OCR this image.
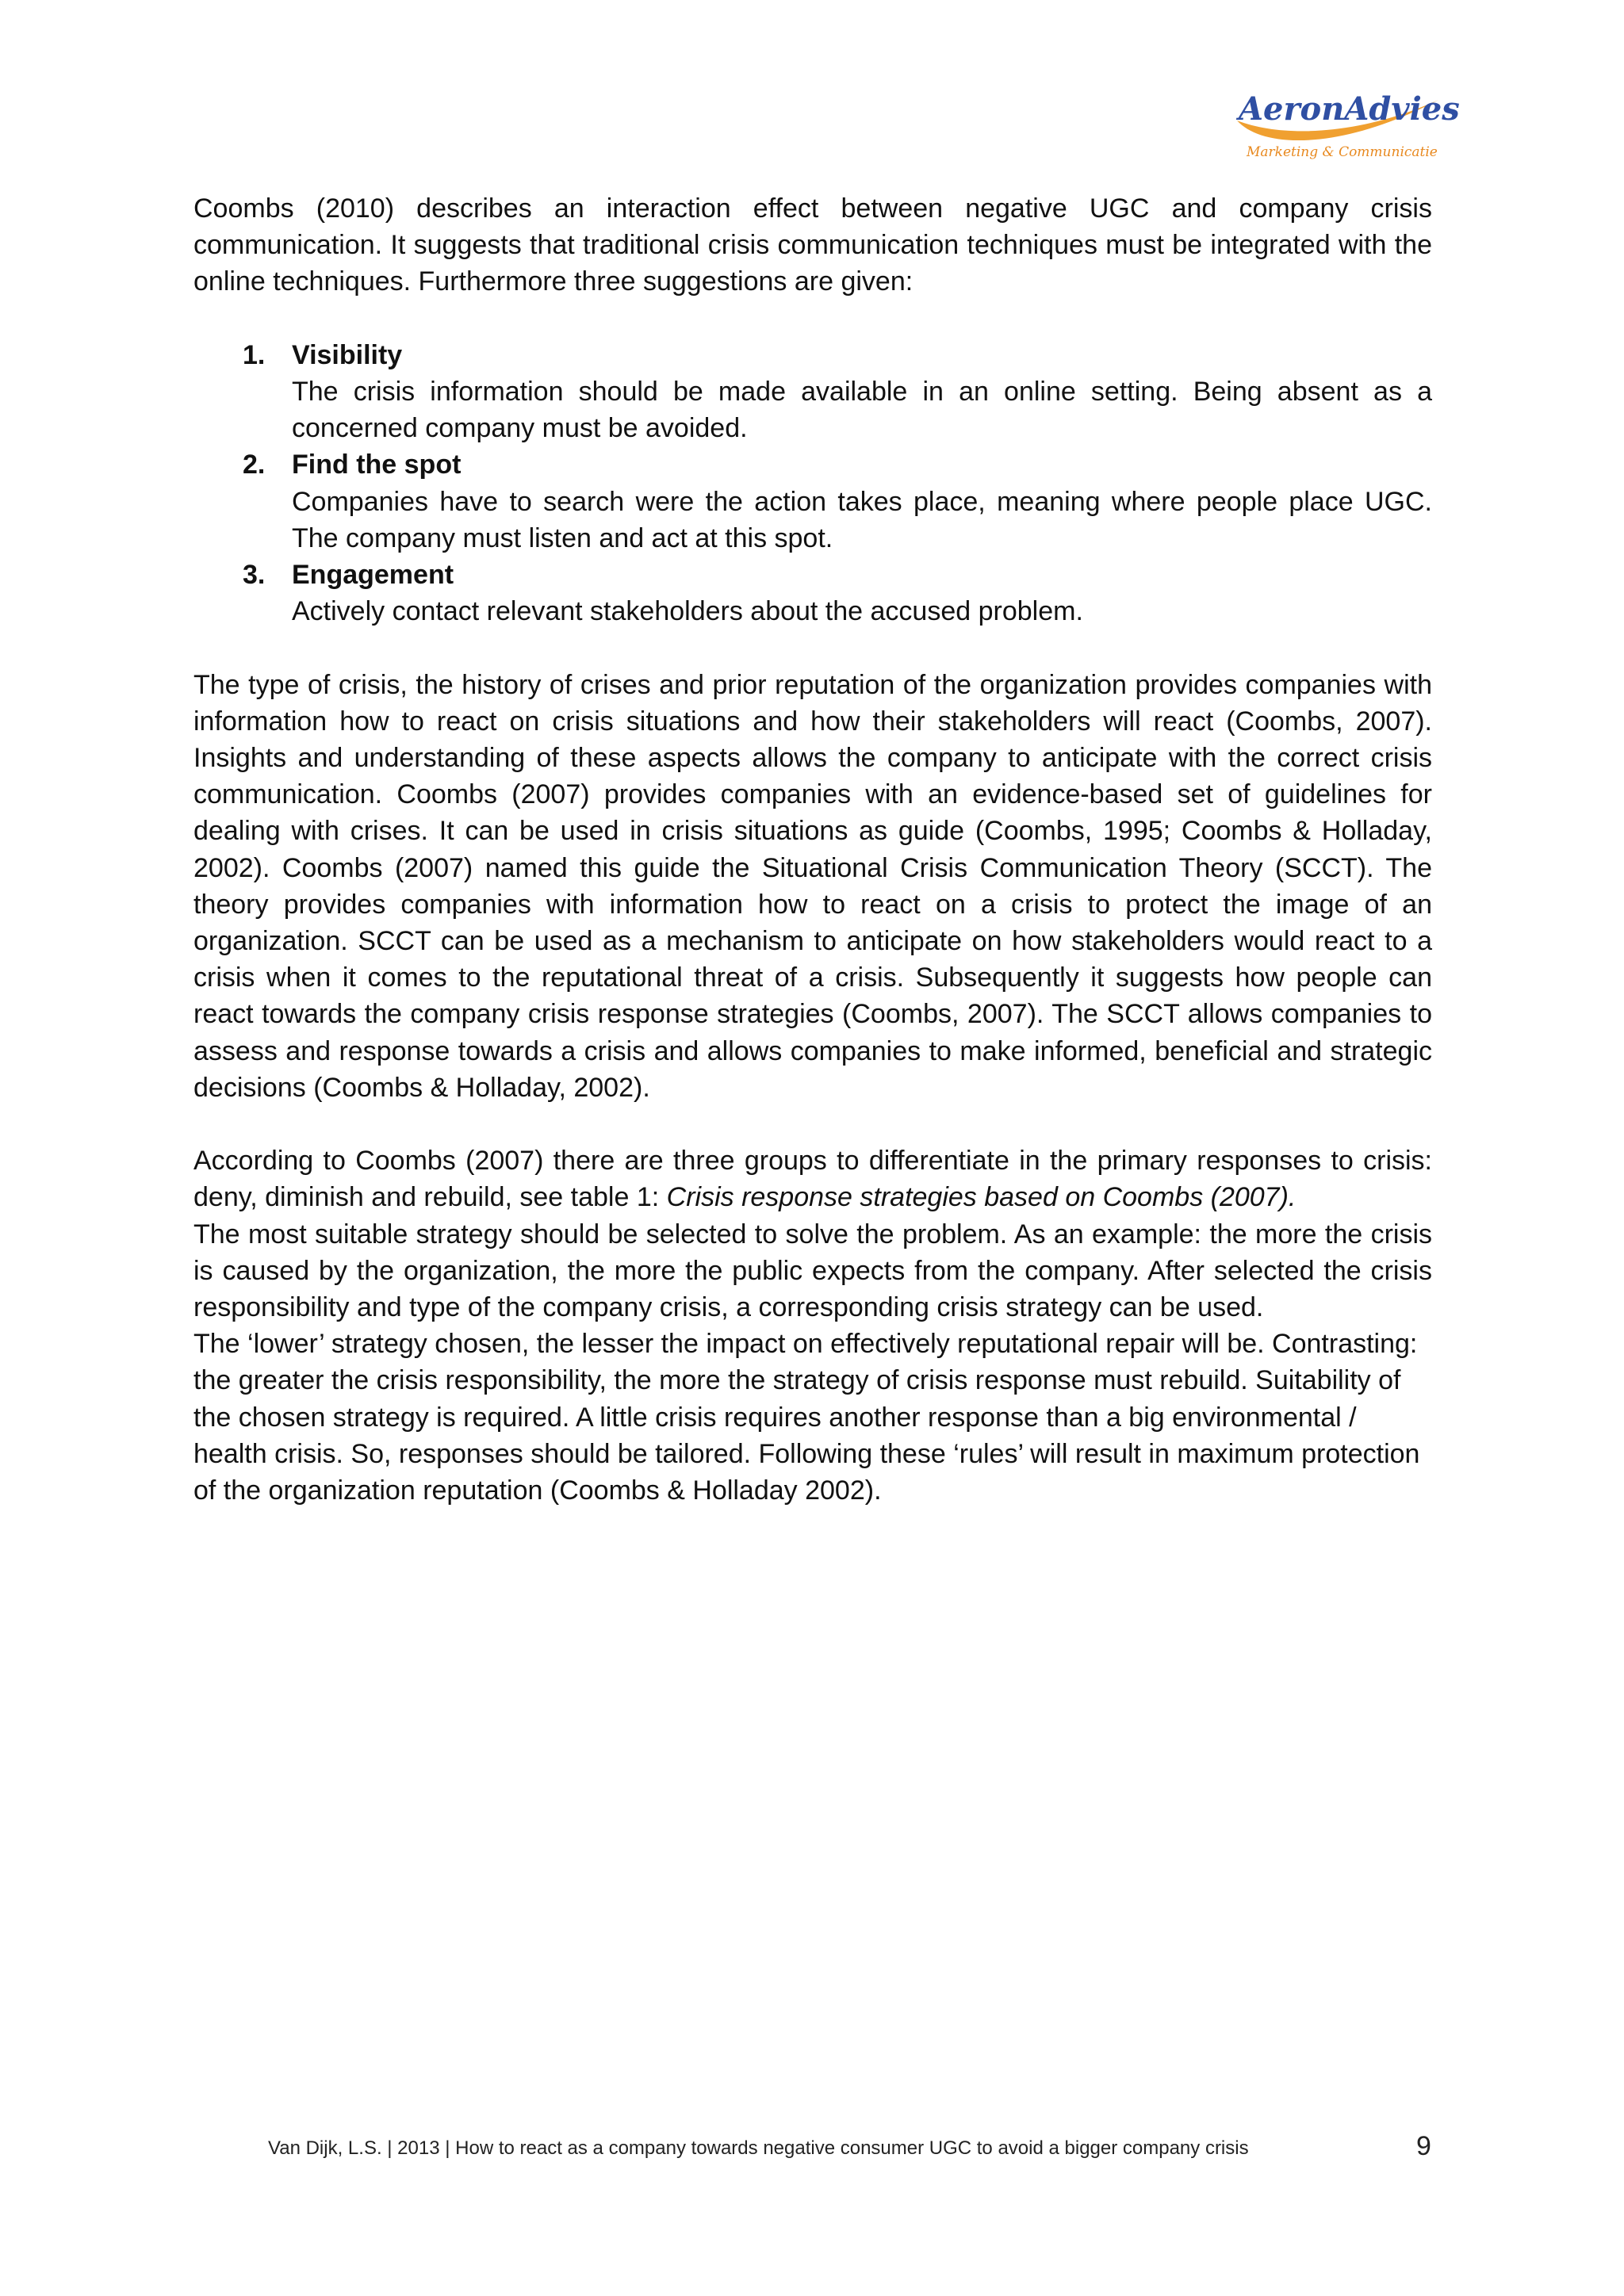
AeronAdvies
Marketing & Communicatie

Coombs (2010) describes an interaction effect between negative UGC and company crisis communication. It suggests that traditional crisis communication techniques must be integrated with the online techniques. Furthermore three suggestions are given:

1. Visibility
The crisis information should be made available in an online setting. Being absent as a concerned company must be avoided.
2. Find the spot
Companies have to search were the action takes place, meaning where people place UGC. The company must listen and act at this spot.
3. Engagement
Actively contact relevant stakeholders about the accused problem.

The type of crisis, the history of crises and prior reputation of the organization provides companies with information how to react on crisis situations and how their stakeholders will react (Coombs, 2007). Insights and understanding of these aspects allows the company to anticipate with the correct crisis communication. Coombs (2007) provides companies with an evidence-based set of guidelines for dealing with crises. It can be used in crisis situations as guide (Coombs, 1995; Coombs & Holladay, 2002). Coombs (2007) named this guide the Situational Crisis Communication Theory (SCCT). The theory provides companies with information how to react on a crisis to protect the image of an organization. SCCT can be used as a mechanism to anticipate on how stakeholders would react to a crisis when it comes to the reputational threat of a crisis. Subsequently it suggests how people can react towards the company crisis response strategies (Coombs, 2007). The SCCT allows companies to assess and response towards a crisis and allows companies to make informed, beneficial and strategic decisions (Coombs & Holladay, 2002).

According to Coombs (2007) there are three groups to differentiate in the primary responses to crisis: deny, diminish and rebuild, see table 1: Crisis response strategies based on Coombs (2007).

The most suitable strategy should be selected to solve the problem. As an example: the more the crisis is caused by the organization, the more the public expects from the company. After selected the crisis responsibility and type of the company crisis, a corresponding crisis strategy can be used.

The ‘lower’ strategy chosen, the lesser the impact on effectively reputational repair will be. Contrasting: the greater the crisis responsibility, the more the strategy of crisis response must rebuild. Suitability of the chosen strategy is required. A little crisis requires another response than a big environmental / health crisis. So, responses should be tailored. Following these ‘rules’ will result in maximum protection of the organization reputation (Coombs & Holladay 2002).

Van Dijk, L.S. | 2013 | How to react as a company towards negative consumer UGC to avoid a bigger company crisis	9
